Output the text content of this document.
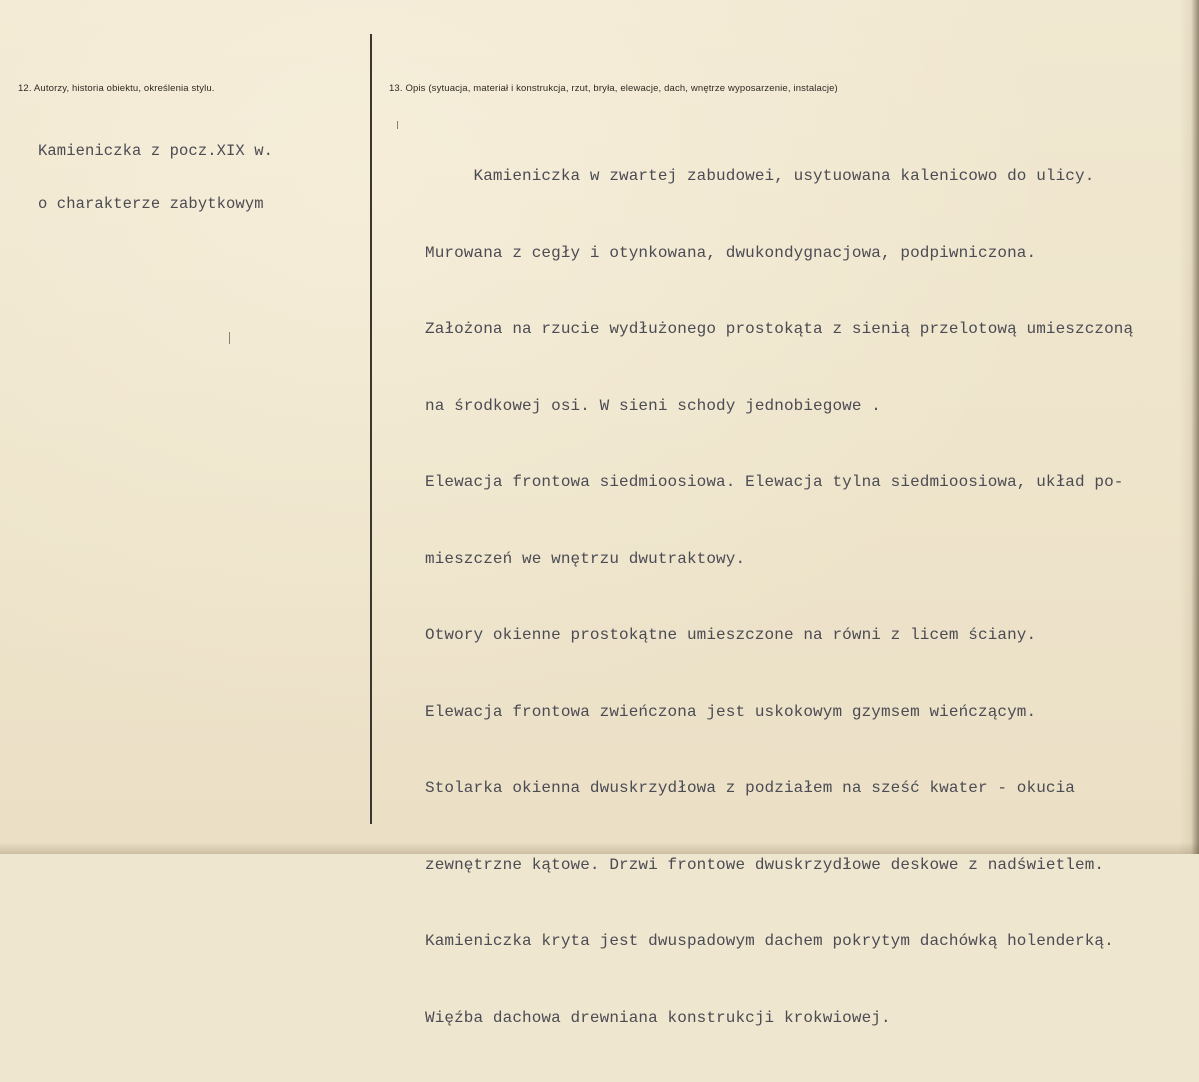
12. Autorzy, historia obiektu, określenia stylu.	13. Opis (sytuacja, materiał i konstrukcja, rzut, bryła, elewacje, dach, wnętrze wyposarzenie, instalacje)

Kamieniczka z pocz.XIX w.

o charakterze zabytkowym

Kamieniczka w zwartej zabudowei, usytuowana kalenicowo do ulicy.

Murowana z cegły i otynkowana, dwukondygnacjowa, podpiwniczona.

Założona na rzucie wydłużonego prostokąta z sienią przelotową umieszczoną

na środkowej osi. W sieni schody jednobiegowe .

Elewacja frontowa siedmioosiowa. Elewacja tylna siedmioosiowa, układ po-

mieszczeń we wnętrzu dwutraktowy.

Otwory okienne prostokątne umieszczone na równi z licem ściany.

Elewacja frontowa zwieńczona jest uskokowym gzymsem wieńczącym.

Stolarka okienna dwuskrzydłowa z podziałem na sześć kwater - okucia

zewnętrzne kątowe. Drzwi frontowe dwuskrzydłowe deskowe z nadświetlem.

Kamieniczka kryta jest dwuspadowym dachem pokrytym dachówką holenderką.

Więźba dachowa drewniana konstrukcji krokwiowej.
